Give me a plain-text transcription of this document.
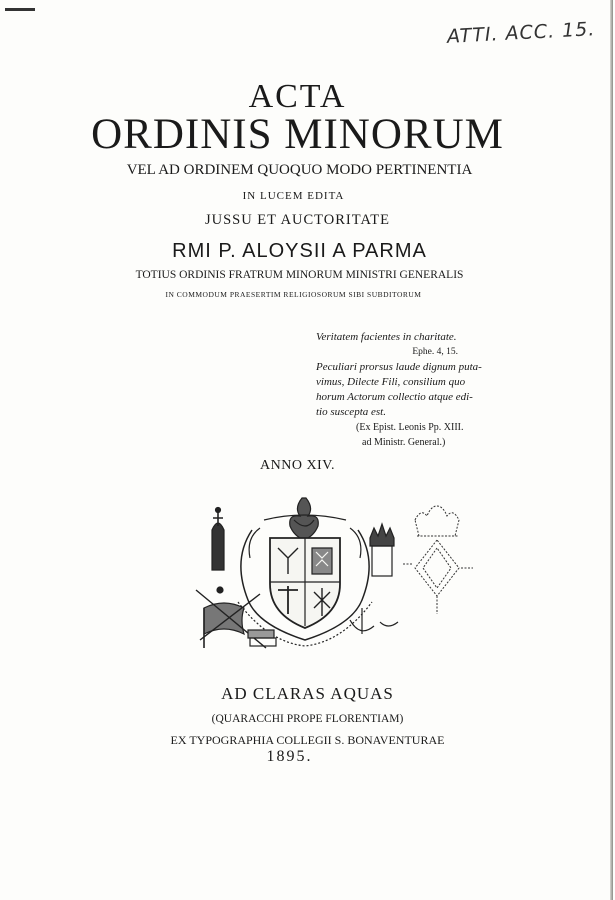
ATTI. ACC. 15.
ACTA
ORDINIS MINORUM
VEL AD ORDINEM QUOQUO MODO PERTINENTIA
IN LUCEM EDITA
JUSSU ET AUCTORITATE
RMI P. ALOYSII A PARMA
TOTIUS ORDINIS FRATRUM MINORUM MINISTRI GENERALIS
IN COMMODUM PRAESERTIM RELIGIOSORUM SIBI SUBDITORUM
Veritatem facientes in charitate.
Ephe. 4, 15.
Peculiari prorsus laude dignum puta-
vimus, Dilecte Fili, consilium quo
horum Actorum collectio atque edi-
tio suscepta est.
(Ex Epist. Leonis Pp. XIII.
ad Ministr. General.)
ANNO XIV.
AD CLARAS AQUAS
(QUARACCHI PROPE FLORENTIAM)
EX TYPOGRAPHIA COLLEGII S. BONAVENTURAE
1895.
